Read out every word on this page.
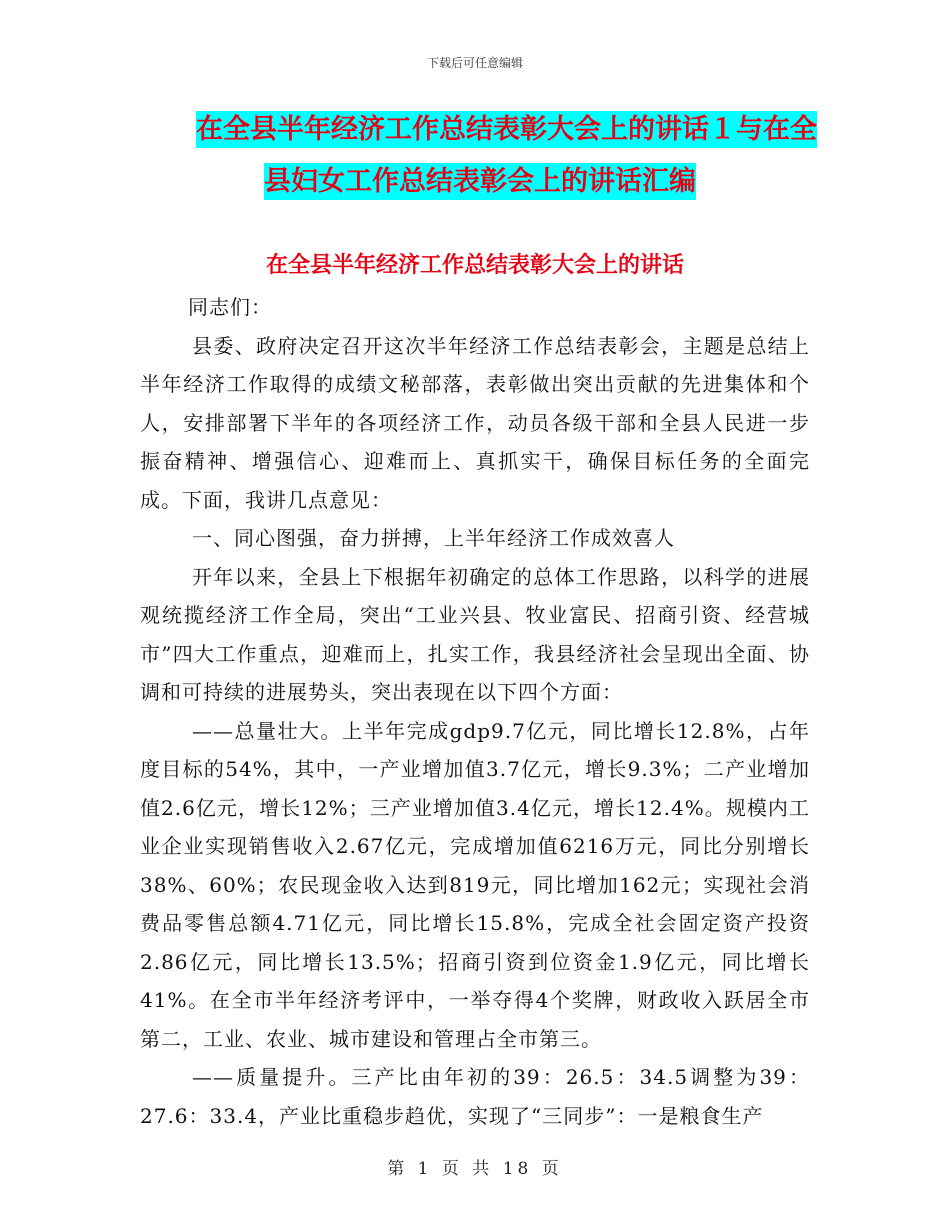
下载后可任意编辑
在全县半年经济工作总结表彰大会上的讲话１与在全
县妇女工作总结表彰会上的讲话汇编
在全县半年经济工作总结表彰大会上的讲话

同志们：

县委、政府决定召开这次半年经济工作总结表彰会，主题是总结上半年经济工作取得的成绩文秘部落，表彰做出突出贡献的先进集体和个人，安排部署下半年的各项经济工作，动员各级干部和全县人民进一步振奋精神、增强信心、迎难而上、真抓实干，确保目标任务的全面完成。下面，我讲几点意见：

一、同心图强，奋力拼搏，上半年经济工作成效喜人

开年以来，全县上下根据年初确定的总体工作思路，以科学的进展观统揽经济工作全局，突出“工业兴县、牧业富民、招商引资、经营城市”四大工作重点，迎难而上，扎实工作，我县经济社会呈现出全面、协调和可持续的进展势头，突出表现在以下四个方面：

——总量壮大。上半年完成gdp9.7亿元，同比增长12.8%，占年度目标的54%，其中，一产业增加值3.7亿元，增长9.3%；二产业增加值2.6亿元，增长12%；三产业增加值3.4亿元，增长12.4%。规模内工业企业实现销售收入2.67亿元，完成增加值6216万元，同比分别增长38%、60%；农民现金收入达到819元，同比增加162元；实现社会消费品零售总额4.71亿元，同比增长15.8%，完成全社会固定资产投资2.86亿元，同比增长13.5%；招商引资到位资金1.9亿元，同比增长41%。在全市半年经济考评中，一举夺得4个奖牌，财政收入跃居全市第二，工业、农业、城市建设和管理占全市第三。

——质量提升。三产比由年初的39：26.5：34.5调整为39：27.6：33.4，产业比重稳步趋优，实现了“三同步”：一是粮食生产

第 1 页 共 18 页
